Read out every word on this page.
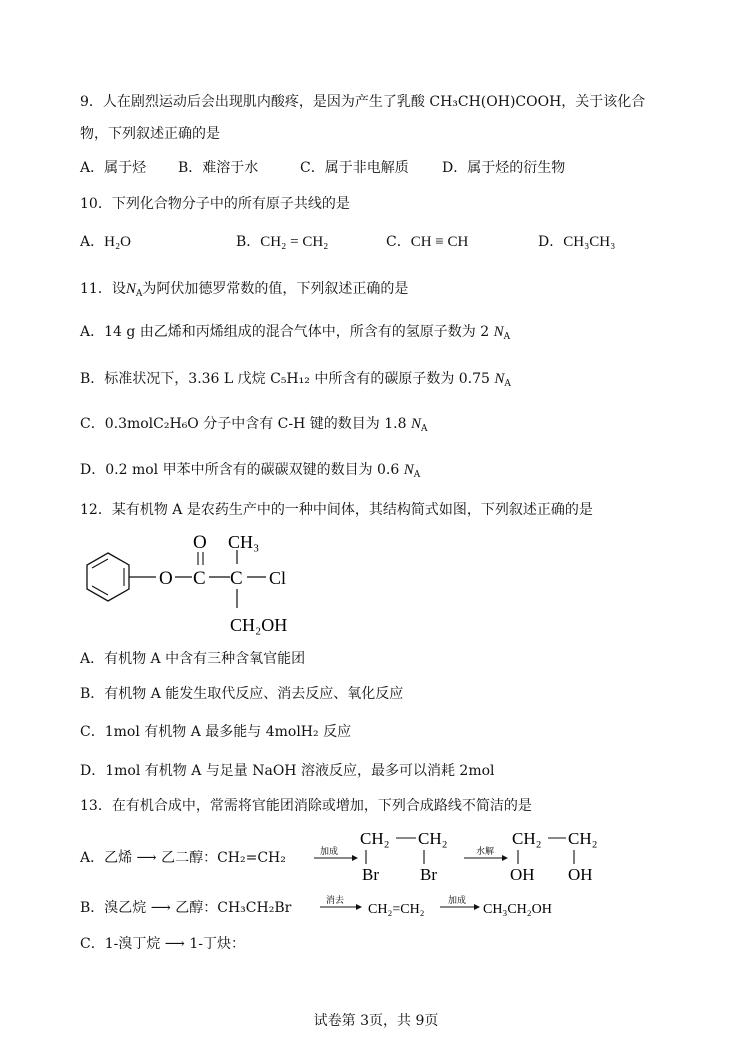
9．人在剧烈运动后会出现肌内酸疼，是因为产生了乳酸 CH₃CH(OH)COOH，关于该化合
物，下列叙述正确的是
A．属于烃 B．难溶于水	C．属于非电解质 D．属于烃的衍生物
10．下列化合物分子中的所有原子共线的是
A．H₂O	B．CH₂ = CH₂	C．CH ≡ CH	D．CH₃CH₃
11．设$N_A$为阿伏加德罗常数的值，下列叙述正确的是
A．14 g 由乙烯和丙烯组成的混合气体中，所含有的氢原子数为 2 $N_A$
B．标准状况下，3.36 L 戊烷 C₅H₁₂ 中所含有的碳原子数为 0.75 $N_A$
C．0.3molC₂H₆O 分子中含有 C-H 键的数目为 1.8 $N_A$
D．0.2 mol 甲苯中所含有的碳碳双键的数目为 0.6 $N_A$
12．某有机物 A 是农药生产中的一种中间体，其结构简式如图，下列叙述正确的是
O C
O
C
CH₃
Cl
CH₂OH
A．有机物 A 中含有三种含氧官能团
B．有机物 A 能发生取代反应、消去反应、氧化反应
C．1mol 有机物 A 最多能与 4molH₂ 反应
D．1mol 有机物 A 与足量 NaOH 溶液反应，最多可以消耗 2mol
13．在有机合成中，常需将官能团消除或增加，下列合成路线不简洁的是
A．乙烯 ⟶ 乙二醇：CH₂=CH₂	加成
CH₂ CH₂
Br Br
水解
CH₂ CH₂
OH OH
B．溴乙烷 ⟶ 乙醇：CH₃CH₂Br	消去
CH₂=CH₂
加成
CH₃CH₂OH
C．1-溴丁烷 ⟶ 1-丁炔：
试卷第 3页，共 9页
